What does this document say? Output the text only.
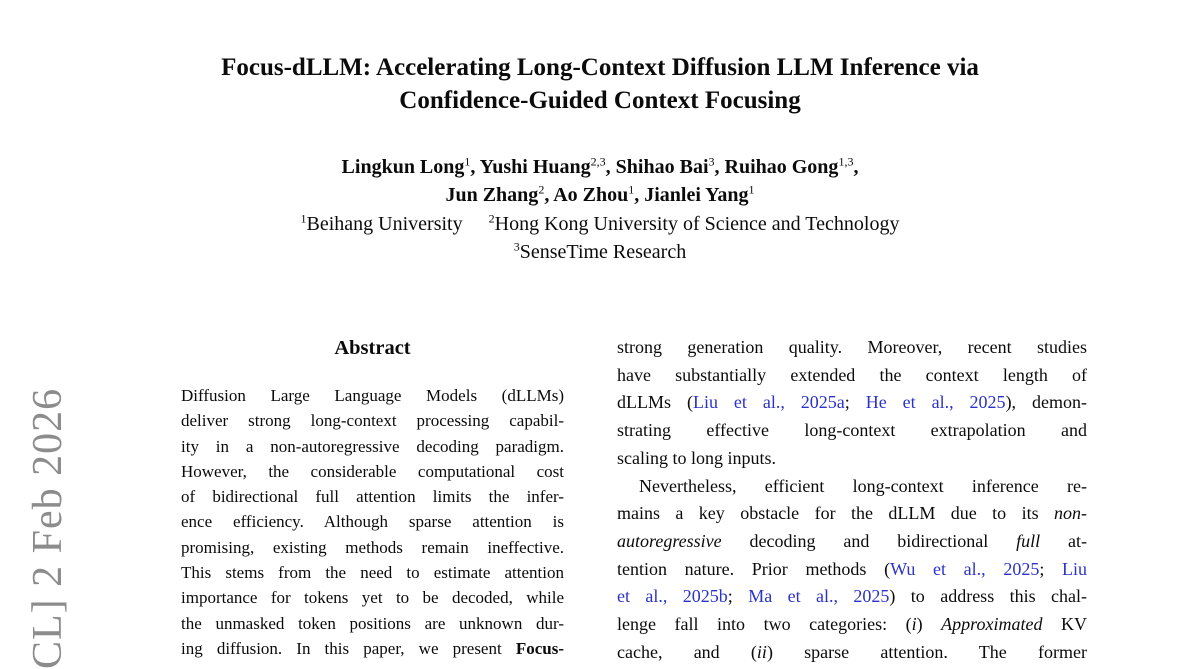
CL] 2 Feb 2026
Focus-dLLM: Accelerating Long-Context Diffusion LLM Inference via
Confidence-Guided Context Focusing
Lingkun Long$^1$, Yushi Huang$^{2,3}$, Shihao Bai$^3$, Ruihao Gong$^{1,3}$,
Jun Zhang$^2$, Ao Zhou$^1$, Jianlei Yang$^1$
$^1$Beihang University $^2$Hong Kong University of Science and Technology
$^3$SenseTime Research
Abstract
Diffusion Large Language Models (dLLMs)
deliver strong long-context processing capabil-
ity in a non-autoregressive decoding paradigm.
However, the considerable computational cost
of bidirectional full attention limits the infer-
ence efficiency. Although sparse attention is
promising, existing methods remain ineffective.
This stems from the need to estimate attention
importance for tokens yet to be decoded, while
the unmasked token positions are unknown dur-
ing diffusion. In this paper, we present Focus-
strong generation quality. Moreover, recent studies
have substantially extended the context length of
dLLMs (Liu et al., 2025a; He et al., 2025), demon-
strating effective long-context extrapolation and
scaling to long inputs.
Nevertheless, efficient long-context inference re-
mains a key obstacle for the dLLM due to its non-
autoregressive decoding and bidirectional full at-
tention nature. Prior methods (Wu et al., 2025; Liu
et al., 2025b; Ma et al., 2025) to address this chal-
lenge fall into two categories: (i) Approximated KV
cache, and (ii) sparse attention. The former
